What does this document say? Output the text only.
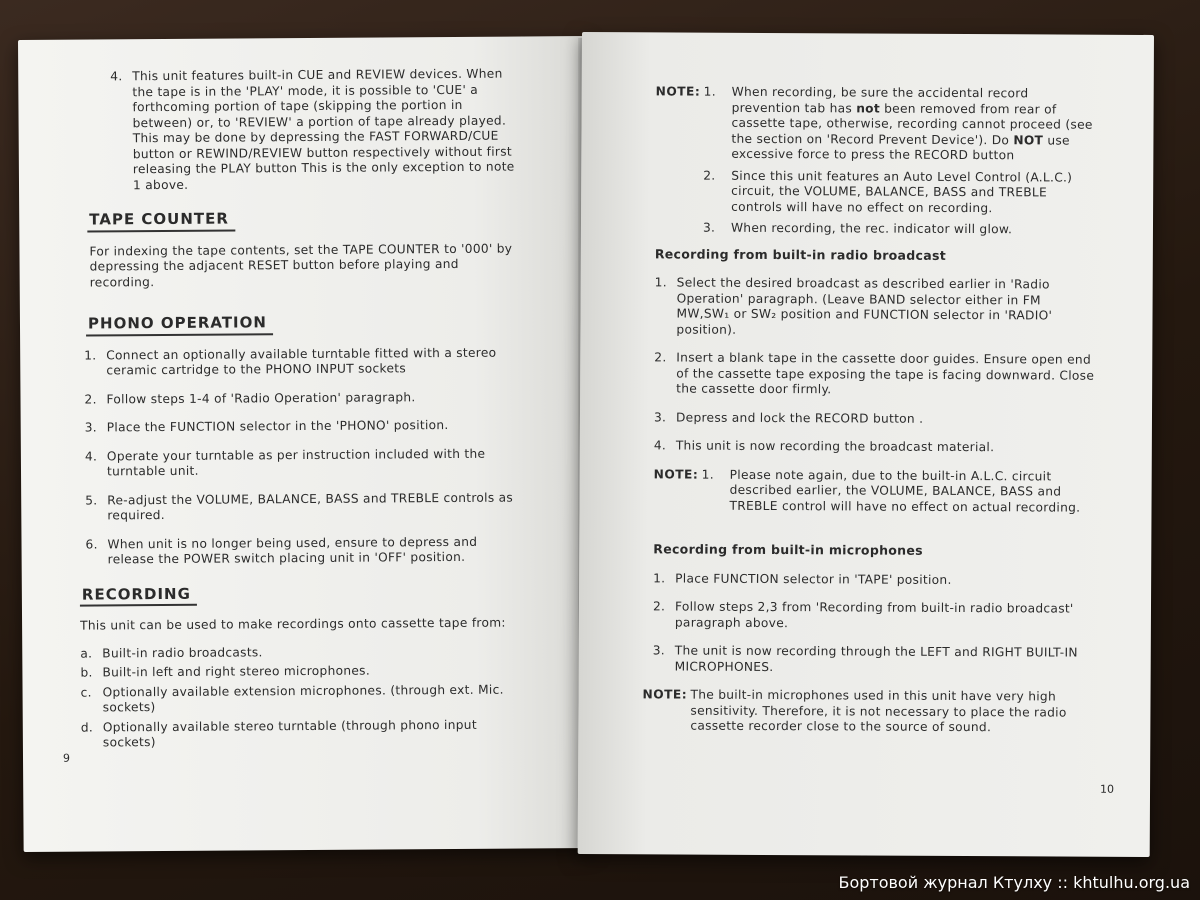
4. This unit features built-in CUE and REVIEW devices. When the tape is in the 'PLAY' mode, it is possible to 'CUE' a forthcoming portion of tape (skipping the portion in between) or, to 'REVIEW' a portion of tape already played. This may be done by depressing the FAST FORWARD/CUE button or REWIND/REVIEW button respectively without first releasing the PLAY button This is the only exception to note 1 above.
TAPE COUNTER
For indexing the tape contents, set the TAPE COUNTER to '000' by depressing the adjacent RESET button before playing and recording.
PHONO OPERATION
1. Connect an optionally available turntable fitted with a stereo ceramic cartridge to the PHONO INPUT sockets
2. Follow steps 1-4 of 'Radio Operation' paragraph.
3. Place the FUNCTION selector in the 'PHONO' position.
4. Operate your turntable as per instruction included with the turntable unit.
5. Re-adjust the VOLUME, BALANCE, BASS and TREBLE controls as required.
6. When unit is no longer being used, ensure to depress and release the POWER switch placing unit in 'OFF' position.
RECORDING
This unit can be used to make recordings onto cassette tape from:
a. Built-in radio broadcasts.
b. Built-in left and right stereo microphones.
c. Optionally available extension microphones. (through ext. Mic. sockets)
d. Optionally available stereo turntable (through phono input sockets)
9
NOTE: 1.	When recording, be sure the accidental record prevention tab has not been removed from rear of cassette tape, otherwise, recording cannot proceed (see the section on 'Record Prevent Device'). Do NOT use excessive force to press the RECORD button
2.	Since this unit features an Auto Level Control (A.L.C.) circuit, the VOLUME, BALANCE, BASS and TREBLE controls will have no effect on recording.
3.	When recording, the rec. indicator will glow.
Recording from built-in radio broadcast
1. Select the desired broadcast as described earlier in 'Radio Operation' paragraph. (Leave BAND selector either in FM MW,SW₁ or SW₂ position and FUNCTION selector in 'RADIO' position).
2. Insert a blank tape in the cassette door guides. Ensure open end of the cassette tape exposing the tape is facing downward. Close the cassette door firmly.
3. Depress and lock the RECORD button .
4. This unit is now recording the broadcast material.
NOTE: 1.	Please note again, due to the built-in A.L.C. circuit described earlier, the VOLUME, BALANCE, BASS and TREBLE control will have no effect on actual recording.
Recording from built-in microphones
1. Place FUNCTION selector in 'TAPE' position.
2. Follow steps 2,3 from 'Recording from built-in radio broadcast' paragraph above.
3. The unit is now recording through the LEFT and RIGHT BUILT-IN MICROPHONES.
NOTE: The built-in microphones used in this unit have very high sensitivity. Therefore, it is not necessary to place the radio cassette recorder close to the source of sound.
10
Бортовой журнал Ктулху :: khtulhu.org.ua
